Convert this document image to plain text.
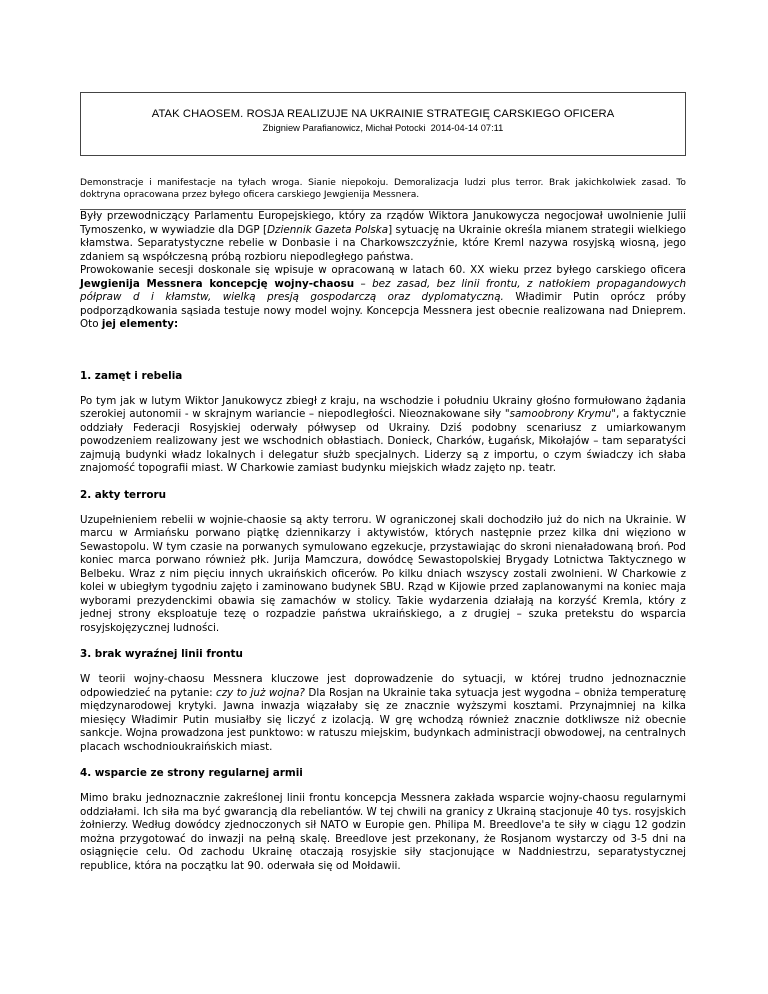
ATAK CHAOSEM. ROSJA REALIZUJE NA UKRAINIE STRATEGIĘ CARSKIEGO OFICERA
Zbigniew Parafianowicz, Michał Potocki 2014-04-14 07:11
Demonstracje i manifestacje na tyłach wroga. Sianie niepokoju. Demoralizacja ludzi plus terror. Brak jakichkolwiek zasad. To doktryna opracowana przez byłego oficera carskiego Jewgienija Messnera.

Były przewodniczący Parlamentu Europejskiego, który za rządów Wiktora Janukowycza negocjował uwolnienie Julii Tymoszenko, w wywiadzie dla DGP [Dziennik Gazeta Polska] sytuację na Ukrainie określa mianem strategii wielkiego kłamstwa. Separatystyczne rebelie w Donbasie i na Charkowszczyźnie, które Kreml nazywa rosyjską wiosną, jego zdaniem są współczesną próbą rozbioru niepodległego państwa.

Prowokowanie secesji doskonale się wpisuje w opracowaną w latach 60. XX wieku przez byłego carskiego oficera Jewgienija Messnera koncepcję wojny-chaosu – bez zasad, bez linii frontu, z natłokiem propagandowych półpraw d i kłamstw, wielką presją gospodarczą oraz dyplomatyczną. Władimir Putin oprócz próby podporządkowania sąsiada testuje nowy model wojny. Koncepcja Messnera jest obecnie realizowana nad Dnieprem. Oto jej elementy:

1. zamęt i rebelia

Po tym jak w lutym Wiktor Janukowycz zbiegł z kraju, na wschodzie i południu Ukrainy głośno formułowano żądania szerokiej autonomii - w skrajnym wariancie – niepodległości. Nieoznakowane siły "samoobrony Krymu", a faktycznie oddziały Federacji Rosyjskiej oderwały półwysep od Ukrainy. Dziś podobny scenariusz z umiarkowanym powodzeniem realizowany jest we wschodnich obłastiach. Donieck, Charków, Ługańsk, Mikołajów – tam separatyści zajmują budynki władz lokalnych i delegatur służb specjalnych. Liderzy są z importu, o czym świadczy ich słaba znajomość topografii miast. W Charkowie zamiast budynku miejskich władz zajęto np. teatr.

2. akty terroru

Uzupełnieniem rebelii w wojnie-chaosie są akty terroru. W ograniczonej skali dochodziło już do nich na Ukrainie. W marcu w Armiańsku porwano piątkę dziennikarzy i aktywistów, których następnie przez kilka dni więziono w Sewastopolu. W tym czasie na porwanych symulowano egzekucje, przystawiając do skroni nienaładowaną broń. Pod koniec marca porwano również płk. Jurija Mamczura, dowódcę Sewastopolskiej Brygady Lotnictwa Taktycznego w Belbeku. Wraz z nim pięciu innych ukraińskich oficerów. Po kilku dniach wszyscy zostali zwolnieni. W Charkowie z kolei w ubiegłym tygodniu zajęto i zaminowano budynek SBU. Rząd w Kijowie przed zaplanowanymi na koniec maja wyborami prezydenckimi obawia się zamachów w stolicy. Takie wydarzenia działają na korzyść Kremla, który z jednej strony eksploatuje tezę o rozpadzie państwa ukraińskiego, a z drugiej – szuka pretekstu do wsparcia rosyjskojęzycznej ludności.

3. brak wyraźnej linii frontu

W teorii wojny-chaosu Messnera kluczowe jest doprowadzenie do sytuacji, w której trudno jednoznacznie odpowiedzieć na pytanie: czy to już wojna? Dla Rosjan na Ukrainie taka sytuacja jest wygodna – obniża temperaturę międzynarodowej krytyki. Jawna inwazja wiązałaby się ze znacznie wyższymi kosztami. Przynajmniej na kilka miesięcy Władimir Putin musiałby się liczyć z izolacją. W grę wchodzą również znacznie dotkliwsze niż obecnie sankcje. Wojna prowadzona jest punktowo: w ratuszu miejskim, budynkach administracji obwodowej, na centralnych placach wschodnioukraińskich miast.

4. wsparcie ze strony regularnej armii

Mimo braku jednoznacznie zakreślonej linii frontu koncepcja Messnera zakłada wsparcie wojny-chaosu regularnymi oddziałami. Ich siła ma być gwarancją dla rebeliantów. W tej chwili na granicy z Ukrainą stacjonuje 40 tys. rosyjskich żołnierzy. Według dowódcy zjednoczonych sił NATO w Europie gen. Philipa M. Breedlove'a te siły w ciągu 12 godzin można przygotować do inwazji na pełną skalę. Breedlove jest przekonany, że Rosjanom wystarczy od 3-5 dni na osiągnięcie celu. Od zachodu Ukrainę otaczają rosyjskie siły stacjonujące w Naddniestrzu, separatystycznej republice, która na początku lat 90. oderwała się od Mołdawii.
